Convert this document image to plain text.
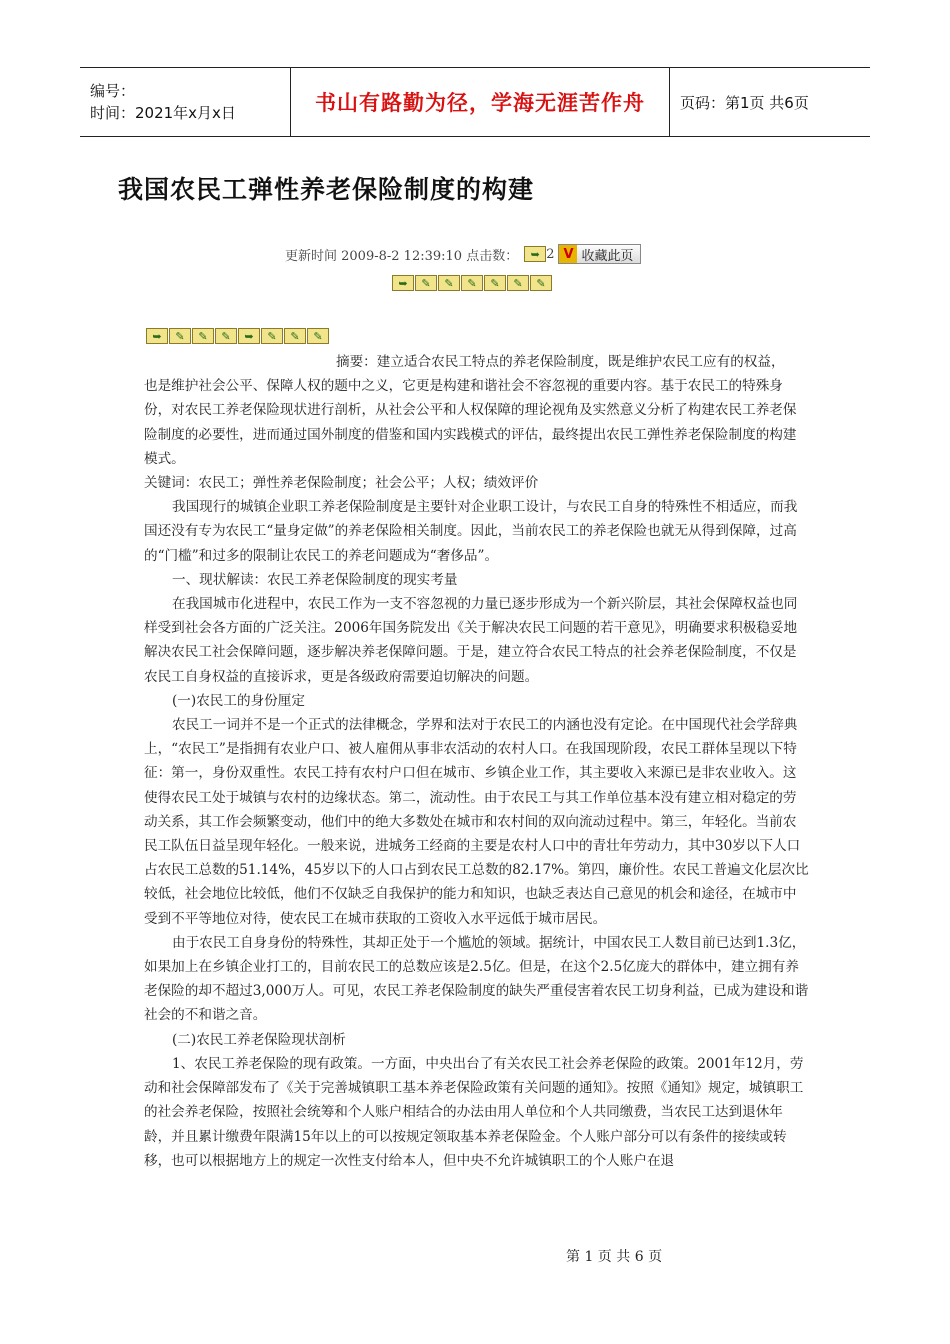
编号：
时间：2021年x月x日	书山有路勤为径，学海无涯苦作舟	页码：第1页 共6页
我国农民工弹性养老保险制度的构建
更新时间 2009-8-2 12:39:10 点击数：	➥ 2 V 收藏此页
➥	✎	✎	✎	✎	✎	✎
➥	✎	✎	✎	➥	✎	✎	✎

摘要：建立适合农民工特点的养老保险制度，既是维护农民工应有的权益，

也是维护社会公平、保障人权的题中之义，它更是构建和谐社会不容忽视的重要内容。基于农民工的特殊身份，对农民工养老保险现状进行剖析，从社会公平和人权保障的理论视角及实然意义分析了构建农民工养老保险制度的必要性，进而通过国外制度的借鉴和国内实践模式的评估，最终提出农民工弹性养老保险制度的构建模式。

关键词：农民工；弹性养老保险制度；社会公平；人权；绩效评价

我国现行的城镇企业职工养老保险制度是主要针对企业职工设计，与农民工自身的特殊性不相适应，而我国还没有专为农民工“量身定做”的养老保险相关制度。因此，当前农民工的养老保险也就无从得到保障，过高的“门槛”和过多的限制让农民工的养老问题成为“奢侈品”。

一、现状解读：农民工养老保险制度的现实考量

在我国城市化进程中，农民工作为一支不容忽视的力量已逐步形成为一个新兴阶层，其社会保障权益也同样受到社会各方面的广泛关注。2006年国务院发出《关于解决农民工问题的若干意见》，明确要求积极稳妥地解决农民工社会保障问题，逐步解决养老保障问题。于是，建立符合农民工特点的社会养老保险制度，不仅是农民工自身权益的直接诉求，更是各级政府需要迫切解决的问题。

(一)农民工的身份厘定

农民工一词并不是一个正式的法律概念，学界和法对于农民工的内涵也没有定论。在中国现代社会学辞典上，“农民工”是指拥有农业户口、被人雇佣从事非农活动的农村人口。在我国现阶段，农民工群体呈现以下特征：第一，身份双重性。农民工持有农村户口但在城市、乡镇企业工作，其主要收入来源已是非农业收入。这使得农民工处于城镇与农村的边缘状态。第二，流动性。由于农民工与其工作单位基本没有建立相对稳定的劳动关系，其工作会频繁变动，他们中的绝大多数处在城市和农村间的双向流动过程中。第三，年轻化。当前农民工队伍日益呈现年轻化。一般来说，进城务工经商的主要是农村人口中的青壮年劳动力，其中30岁以下人口占农民工总数的51.14%，45岁以下的人口占到农民工总数的82.17%。第四，廉价性。农民工普遍文化层次比较低，社会地位比较低，他们不仅缺乏自我保护的能力和知识，也缺乏表达自己意见的机会和途径，在城市中受到不平等地位对待，使农民工在城市获取的工资收入水平远低于城市居民。

由于农民工自身身份的特殊性，其却正处于一个尴尬的领域。据统计，中国农民工人数目前已达到1.3亿，如果加上在乡镇企业打工的，目前农民工的总数应该是2.5亿。但是，在这个2.5亿庞大的群体中，建立拥有养老保险的却不超过3,000万人。可见，农民工养老保险制度的缺失严重侵害着农民工切身利益，已成为建设和谐社会的不和谐之音。

(二)农民工养老保险现状剖析

1、农民工养老保险的现有政策。一方面，中央出台了有关农民工社会养老保险的政策。2001年12月，劳动和社会保障部发布了《关于完善城镇职工基本养老保险政策有关问题的通知》。按照《通知》规定，城镇职工的社会养老保险，按照社会统筹和个人账户相结合的办法由用人单位和个人共同缴费，当农民工达到退休年龄，并且累计缴费年限满15年以上的可以按规定领取基本养老保险金。个人账户部分可以有条件的接续或转移，也可以根据地方上的规定一次性支付给本人，但中央不允许城镇职工的个人账户在退

第 1 页 共 6 页
